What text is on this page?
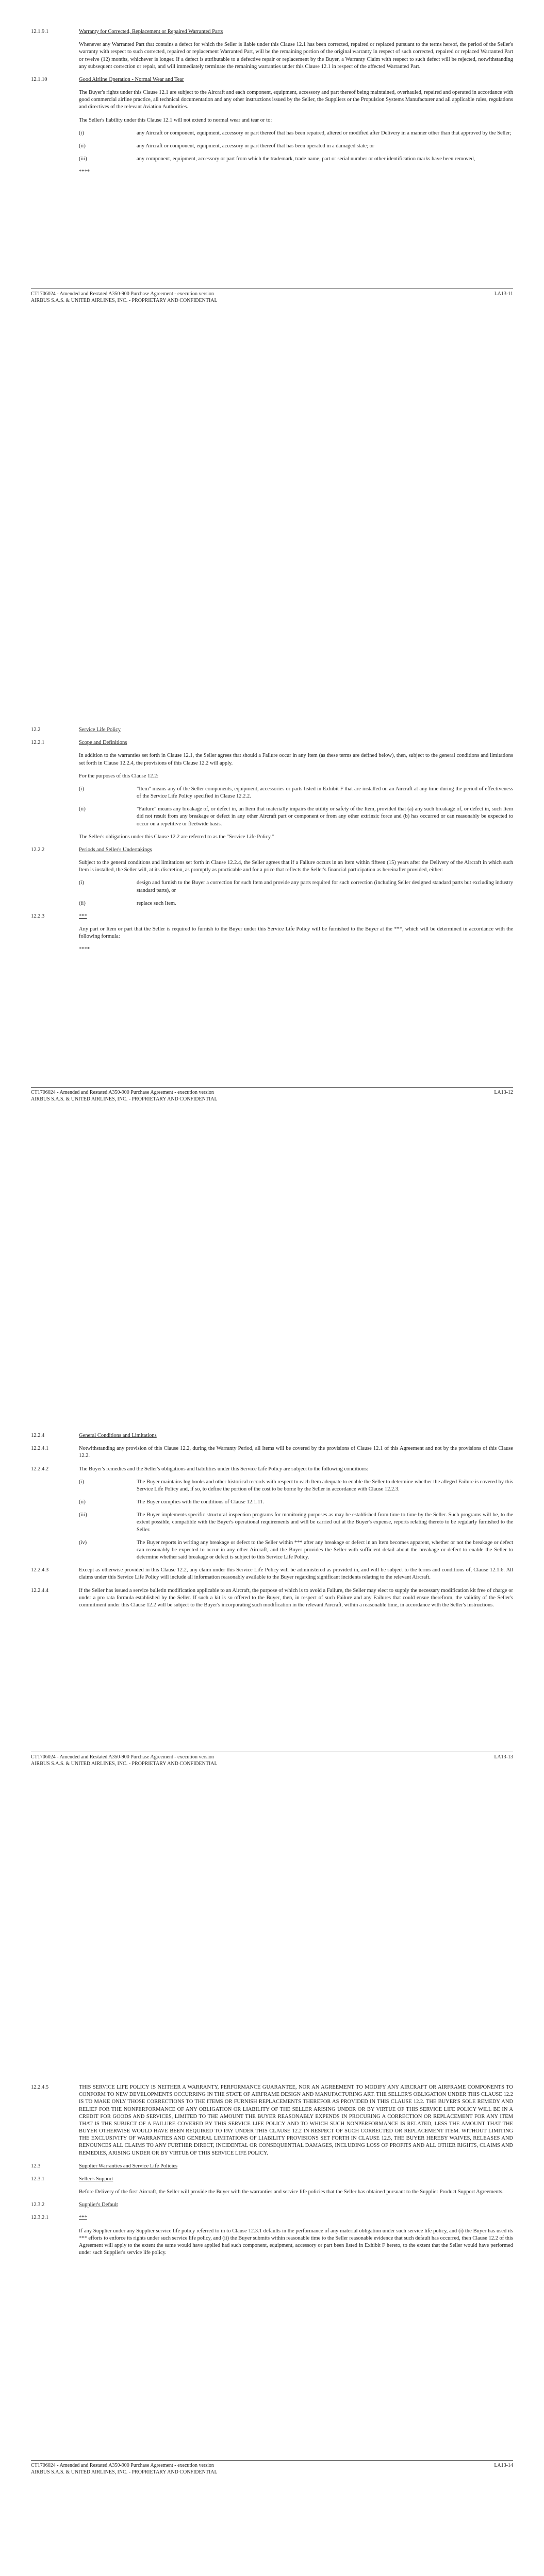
12.1.9.1	Warranty for Corrected, Replacement or Repaired Warranted Parts

Whenever any Warranted Part that contains a defect for which the Seller is liable under this Clause 12.1 has been corrected, repaired or replaced pursuant to the terms hereof, the period of the Seller's warranty with respect to such corrected, repaired or replacement Warranted Part, will be the remaining portion of the original warranty in respect of such corrected, repaired or replaced Warranted Part or twelve (12) months, whichever is longer. If a defect is attributable to a defective repair or replacement by the Buyer, a Warranty Claim with respect to such defect will be rejected, notwithstanding any subsequent correction or repair, and will immediately terminate the remaining warranties under this Clause 12.1 in respect of the affected Warranted Part.

12.1.10	Good Airline Operation - Normal Wear and Tear

The Buyer's rights under this Clause 12.1 are subject to the Aircraft and each component, equipment, accessory and part thereof being maintained, overhauled, repaired and operated in accordance with good commercial airline practice, all technical documentation and any other instructions issued by the Seller, the Suppliers or the Propulsion Systems Manufacturer and all applicable rules, regulations and directives of the relevant Aviation Authorities.

The Seller's liability under this Clause 12.1 will not extend to normal wear and tear or to:

(i)	any Aircraft or component, equipment, accessory or part thereof that has been repaired, altered or modified after Delivery in a manner other than that approved by the Seller;
(ii)	any Aircraft or component, equipment, accessory or part thereof that has been operated in a damaged state; or
(iii)	any component, equipment, accessory or part from which the trademark, trade name, part or serial number or other identification marks have been removed,
****
CT1706024 - Amended and Restated A350-900 Purchase Agreement - execution version
AIRBUS S.A.S. & UNITED AIRLINES, INC. - PROPRIETARY AND CONFIDENTIAL
LA13-11
12.2	Service Life Policy
12.2.1	Scope and Definitions

In addition to the warranties set forth in Clause 12.1, the Seller agrees that should a Failure occur in any Item (as these terms are defined below), then, subject to the general conditions and limitations set forth in Clause 12.2.4, the provisions of this Clause 12.2 will apply.

For the purposes of this Clause 12.2:

(i)	"Item" means any of the Seller components, equipment, accessories or parts listed in Exhibit F that are installed on an Aircraft at any time during the period of effectiveness of the Service Life Policy specified in Clause 12.2.2.
(ii)	"Failure" means any breakage of, or defect in, an Item that materially impairs the utility or safety of the Item, provided that (a) any such breakage of, or defect in, such Item did not result from any breakage or defect in any other Aircraft part or component or from any other extrinsic force and (b) has occurred or can reasonably be expected to occur on a repetitive or fleetwide basis.

The Seller's obligations under this Clause 12.2 are referred to as the "Service Life Policy."

12.2.2	Periods and Seller's Undertakings

Subject to the general conditions and limitations set forth in Clause 12.2.4, the Seller agrees that if a Failure occurs in an Item within fifteen (15) years after the Delivery of the Aircraft in which such Item is installed, the Seller will, at its discretion, as promptly as practicable and for a price that reflects the Seller's financial participation as hereinafter provided, either:

(i)	design and furnish to the Buyer a correction for such Item and provide any parts required for such correction (including Seller designed standard parts but excluding industry standard parts), or
(ii)	replace such Item.
12.2.3	***

Any part or Item or part that the Seller is required to furnish to the Buyer under this Service Life Policy will be furnished to the Buyer at the ***, which will be determined in accordance with the following formula:

****
CT1706024 - Amended and Restated A350-900 Purchase Agreement - execution version
AIRBUS S.A.S. & UNITED AIRLINES, INC. - PROPRIETARY AND CONFIDENTIAL
LA13-12
12.2.4	General Conditions and Limitations
12.2.4.1	Notwithstanding any provision of this Clause 12.2, during the Warranty Period, all Items will be covered by the provisions of Clause 12.1 of this Agreement and not by the provisions of this Clause 12.2.
12.2.4.2	The Buyer's remedies and the Seller's obligations and liabilities under this Service Life Policy are subject to the following conditions:
(i)	The Buyer maintains log books and other historical records with respect to each Item adequate to enable the Seller to determine whether the alleged Failure is covered by this Service Life Policy and, if so, to define the portion of the cost to be borne by the Seller in accordance with Clause 12.2.3.
(ii)	The Buyer complies with the conditions of Clause 12.1.11.
(iii)	The Buyer implements specific structural inspection programs for monitoring purposes as may be established from time to time by the Seller. Such programs will be, to the extent possible, compatible with the Buyer's operational requirements and will be carried out at the Buyer's expense, reports relating thereto to be regularly furnished to the Seller.
(iv)	The Buyer reports in writing any breakage or defect to the Seller within *** after any breakage or defect in an Item becomes apparent, whether or not the breakage or defect can reasonably be expected to occur in any other Aircraft, and the Buyer provides the Seller with sufficient detail about the breakage or defect to enable the Seller to determine whether said breakage or defect is subject to this Service Life Policy.
12.2.4.3	Except as otherwise provided in this Clause 12.2, any claim under this Service Life Policy will be administered as provided in, and will be subject to the terms and conditions of, Clause 12.1.6. All claims under this Service Life Policy will include all information reasonably available to the Buyer regarding significant incidents relating to the relevant Aircraft.
12.2.4.4	If the Seller has issued a service bulletin modification applicable to an Aircraft, the purpose of which is to avoid a Failure, the Seller may elect to supply the necessary modification kit free of charge or under a pro rata formula established by the Seller. If such a kit is so offered to the Buyer, then, in respect of such Failure and any Failures that could ensue therefrom, the validity of the Seller's commitment under this Clause 12.2 will be subject to the Buyer's incorporating such modification in the relevant Aircraft, within a reasonable time, in accordance with the Seller's instructions.
CT1706024 - Amended and Restated A350-900 Purchase Agreement - execution version
AIRBUS S.A.S. & UNITED AIRLINES, INC. - PROPRIETARY AND CONFIDENTIAL
LA13-13
12.2.4.5	THIS SERVICE LIFE POLICY IS NEITHER A WARRANTY, PERFORMANCE GUARANTEE, NOR AN AGREEMENT TO MODIFY ANY AIRCRAFT OR AIRFRAME COMPONENTS TO CONFORM TO NEW DEVELOPMENTS OCCURRING IN THE STATE OF AIRFRAME DESIGN AND MANUFACTURING ART. THE SELLER'S OBLIGATION UNDER THIS CLAUSE 12.2 IS TO MAKE ONLY THOSE CORRECTIONS TO THE ITEMS OR FURNISH REPLACEMENTS THEREFOR AS PROVIDED IN THIS CLAUSE 12.2. THE BUYER'S SOLE REMEDY AND RELIEF FOR THE NONPERFORMANCE OF ANY OBLIGATION OR LIABILITY OF THE SELLER ARISING UNDER OR BY VIRTUE OF THIS SERVICE LIFE POLICY WILL BE IN A CREDIT FOR GOODS AND SERVICES, LIMITED TO THE AMOUNT THE BUYER REASONABLY EXPENDS IN PROCURING A CORRECTION OR REPLACEMENT FOR ANY ITEM THAT IS THE SUBJECT OF A FAILURE COVERED BY THIS SERVICE LIFE POLICY AND TO WHICH SUCH NONPERFORMANCE IS RELATED, LESS THE AMOUNT THAT THE BUYER OTHERWISE WOULD HAVE BEEN REQUIRED TO PAY UNDER THIS CLAUSE 12.2 IN RESPECT OF SUCH CORRECTED OR REPLACEMENT ITEM. WITHOUT LIMITING THE EXCLUSIVITY OF WARRANTIES AND GENERAL LIMITATIONS OF LIABILITY PROVISIONS SET FORTH IN CLAUSE 12.5, THE BUYER HEREBY WAIVES, RELEASES AND RENOUNCES ALL CLAIMS TO ANY FURTHER DIRECT, INCIDENTAL OR CONSEQUENTIAL DAMAGES, INCLUDING LOSS OF PROFITS AND ALL OTHER RIGHTS, CLAIMS AND REMEDIES, ARISING UNDER OR BY VIRTUE OF THIS SERVICE LIFE POLICY.
12.3	Supplier Warranties and Service Life Policies
12.3.1	Seller's Support

Before Delivery of the first Aircraft, the Seller will provide the Buyer with the warranties and service life policies that the Seller has obtained pursuant to the Supplier Product Support Agreements.

12.3.2	Supplier's Default
12.3.2.1	***

If any Supplier under any Supplier service life policy referred to in to Clause 12.3.1 defaults in the performance of any material obligation under such service life policy, and (i) the Buyer has used its *** efforts to enforce its rights under such service life policy, and (ii) the Buyer submits within reasonable time to the Seller reasonable evidence that such default has occurred, then Clause 12.2 of this Agreement will apply to the extent the same would have applied had such component, equipment, accessory or part been listed in Exhibit F hereto, to the extent that the Seller would have performed under such Supplier's service life policy.

CT1706024 - Amended and Restated A350-900 Purchase Agreement - execution version
AIRBUS S.A.S. & UNITED AIRLINES, INC. - PROPRIETARY AND CONFIDENTIAL
LA13-14
